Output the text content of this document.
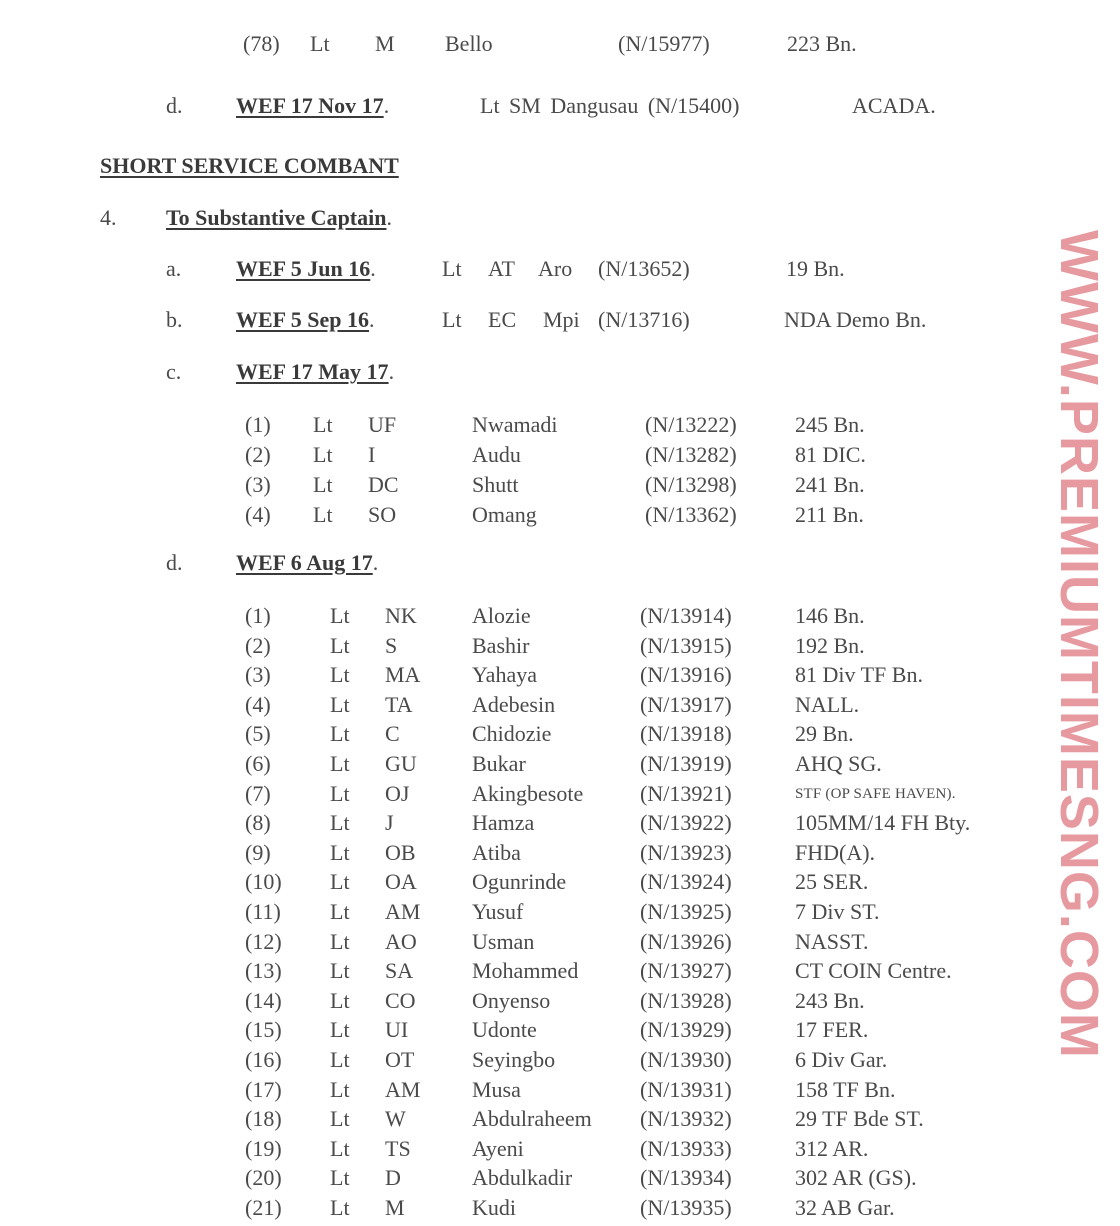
(78) Lt M Bello	(N/15977)	223 Bn.
d. WEF 17 Nov 17.	Lt SM Dangusau (N/15400)	ACADA.
SHORT SERVICE COMBANT
4. To Substantive Captain.
a. WEF 5 Jun 16.	Lt AT Aro (N/13652)	19 Bn.
b. WEF 5 Sep 16.	Lt EC Mpi (N/13716)	NDA Demo Bn.
c. WEF 17 May 17.
(1) Lt UF	Nwamadi	(N/13222)	245 Bn.
(2) Lt I	Audu	(N/13282)	81 DIC.
(3) Lt DC	Shutt	(N/13298)	241 Bn.
(4) Lt SO	Omang	(N/13362)	211 Bn.
d. WEF 6 Aug 17.
(1)	Lt NK	Alozie	(N/13914)	146 Bn.
(2)	Lt S	Bashir	(N/13915)	192 Bn.
(3)	Lt MA Yahaya	(N/13916)	81 Div TF Bn.
(4)	Lt TA	Adebesin	(N/13917)	NALL.
(5)	Lt C	Chidozie	(N/13918)	29 Bn.
(6)	Lt GU	Bukar	(N/13919)	AHQ SG.
(7)	Lt OJ	Akingbesote	(N/13921)	STF (OP SAFE HAVEN).
(8)	Lt J	Hamza	(N/13922)	105MM/14 FH Bty.
(9)	Lt OB	Atiba	(N/13923)	FHD(A).
(10) Lt OA	Ogunrinde	(N/13924)	25 SER.
(11) Lt AM Yusuf	(N/13925)	7 Div ST.
(12) Lt AO	Usman	(N/13926)	NASST.
(13) Lt SA	Mohammed	(N/13927)	CT COIN Centre.
(14) Lt CO	Onyenso	(N/13928)	243 Bn.
(15) Lt UI	Udonte	(N/13929)	17 FER.
(16) Lt OT	Seyingbo	(N/13930)	6 Div Gar.
(17) Lt AM Musa	(N/13931)	158 TF Bn.
(18) Lt W	Abdulraheem (N/13932)	29 TF Bde ST.
(19) Lt TS	Ayeni	(N/13933)	312 AR.
(20) Lt D	Abdulkadir	(N/13934)	302 AR (GS).
(21) Lt M	Kudi	(N/13935)	32 AB Gar.
WWW.PREMIUMTIMESNG.COM
